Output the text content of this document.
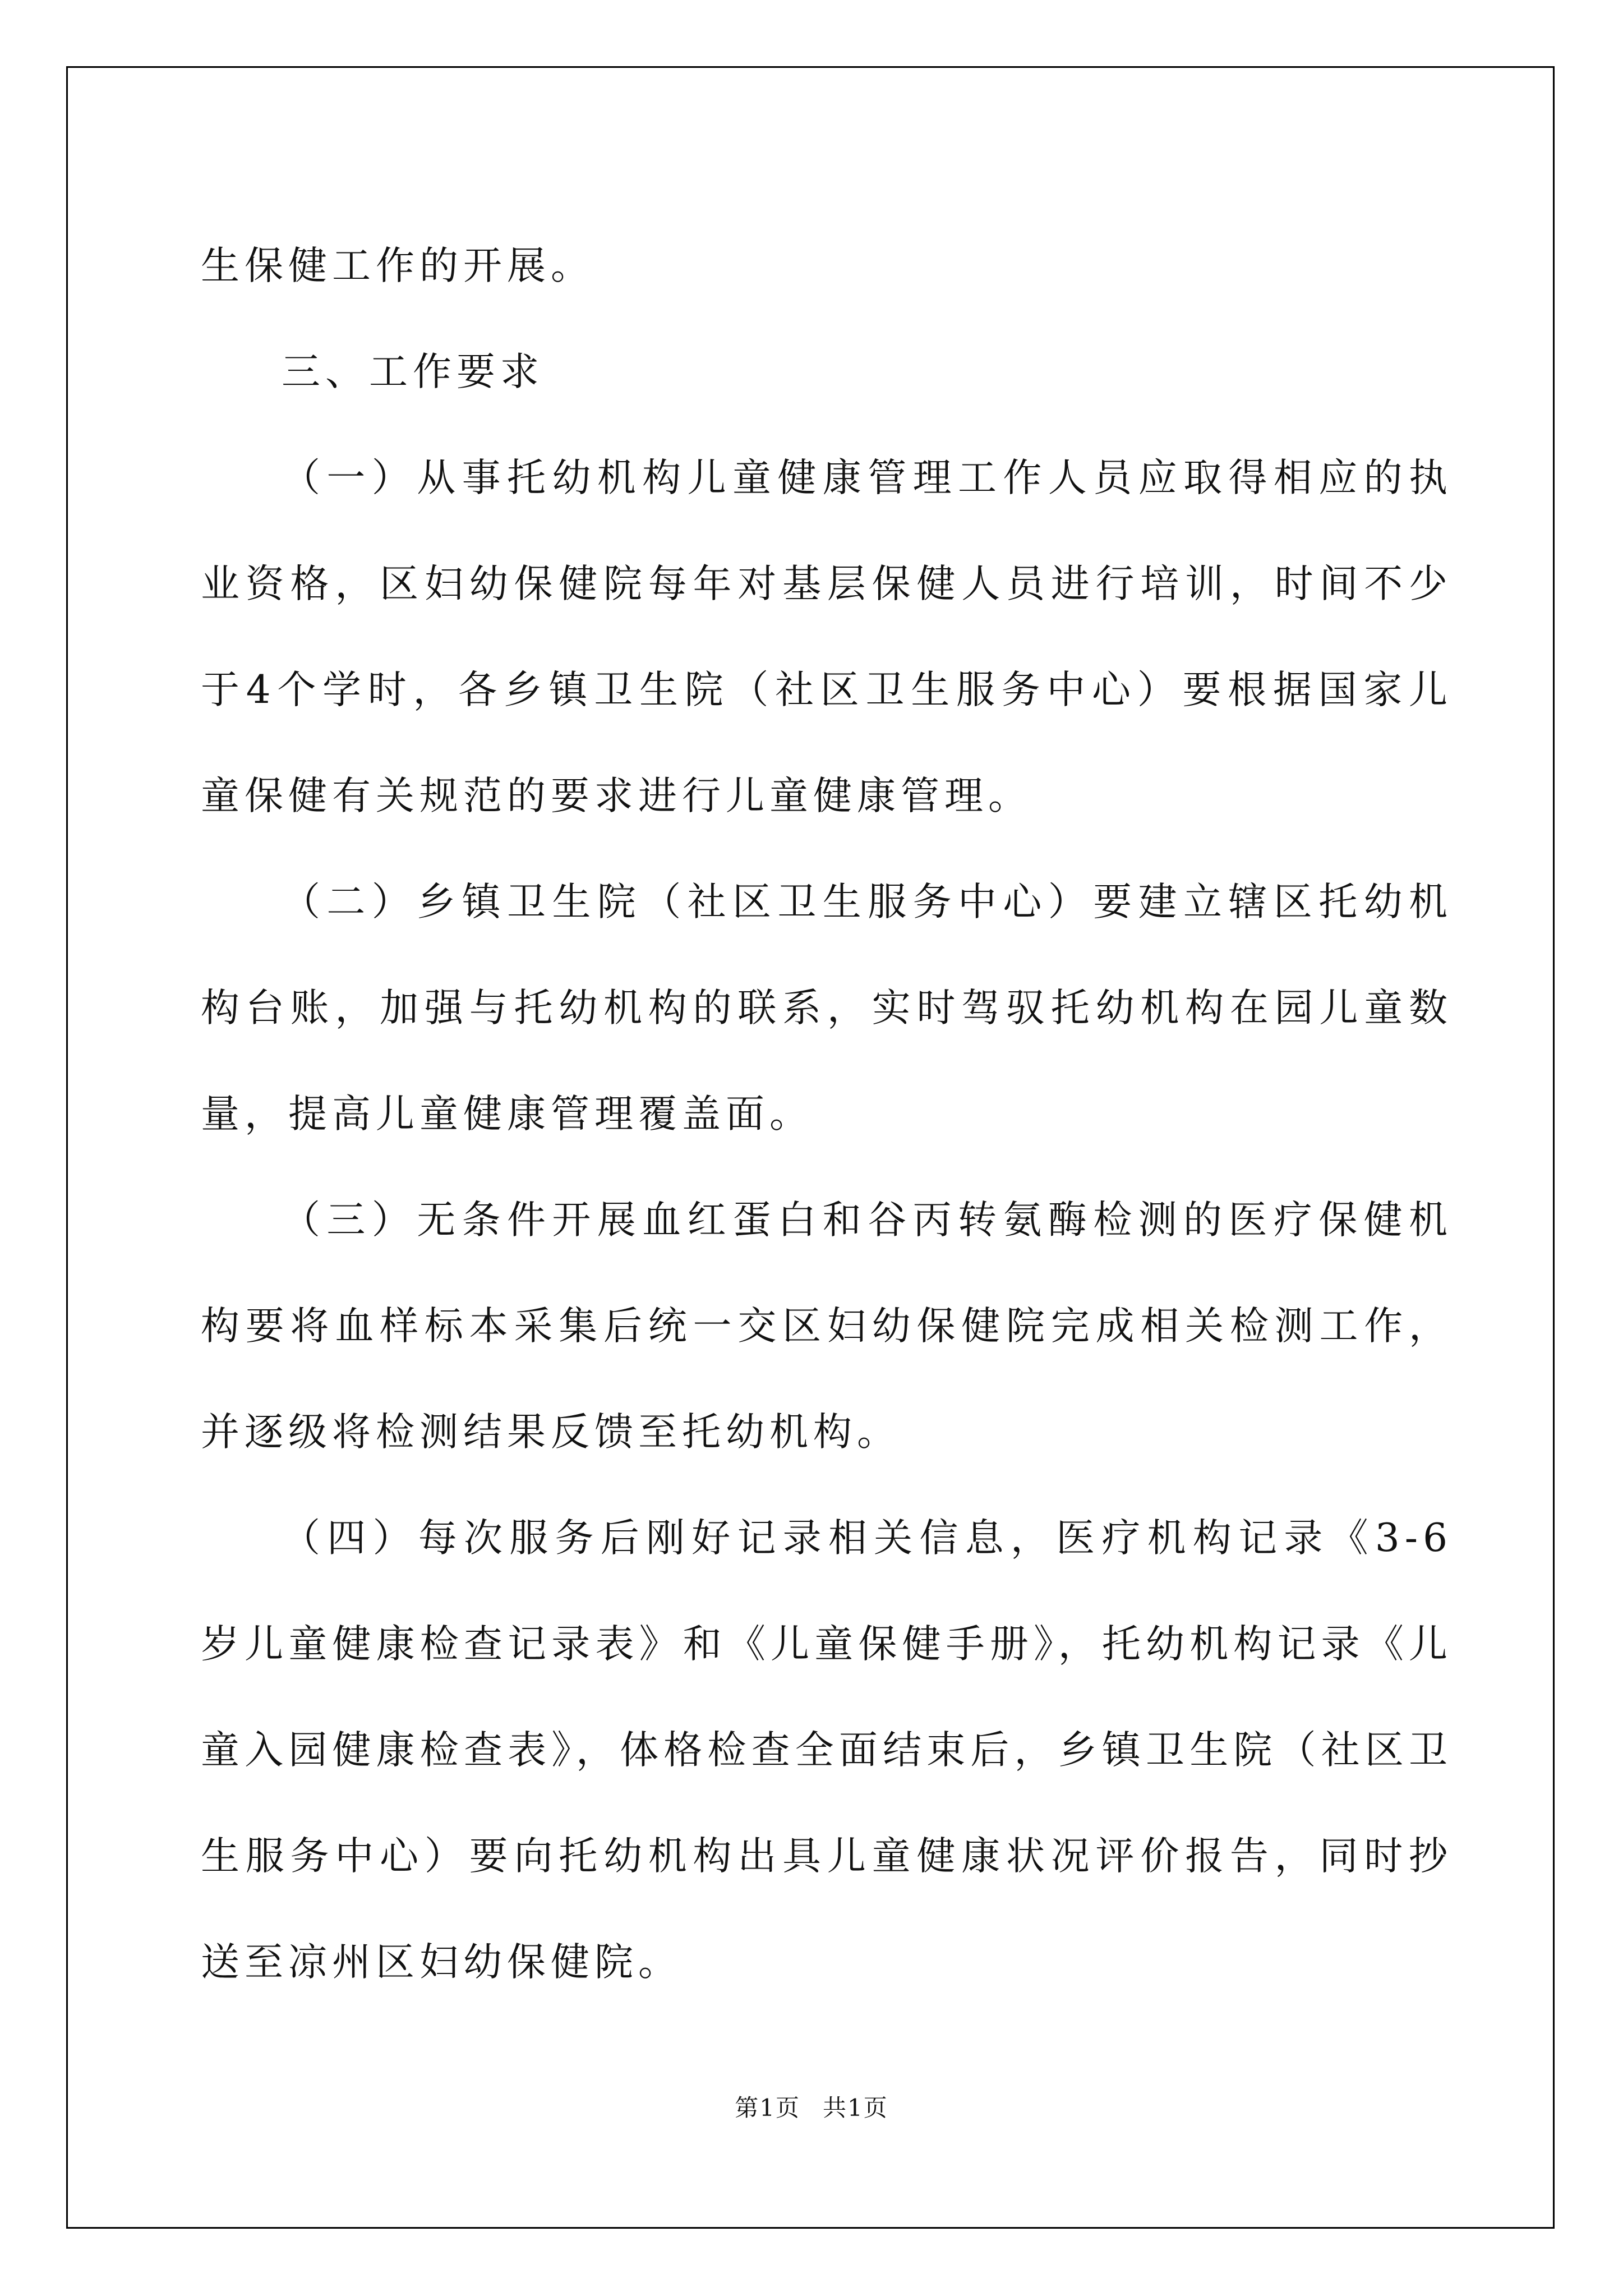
生保健工作的开展。

三、工作要求

（一）从事托幼机构儿童健康管理工作人员应取得相应的执业资格，区妇幼保健院每年对基层保健人员进行培训，时间不少于4个学时，各乡镇卫生院（社区卫生服务中心）要根据国家儿童保健有关规范的要求进行儿童健康管理。

（二）乡镇卫生院（社区卫生服务中心）要建立辖区托幼机构台账，加强与托幼机构的联系，实时驾驭托幼机构在园儿童数量，提高儿童健康管理覆盖面。

（三）无条件开展血红蛋白和谷丙转氨酶检测的医疗保健机构要将血样标本采集后统一交区妇幼保健院完成相关检测工作，并逐级将检测结果反馈至托幼机构。

（四）每次服务后刚好记录相关信息，医疗机构记录《3-6岁儿童健康检查记录表》和《儿童保健手册》，托幼机构记录《儿童入园健康检查表》，体格检查全面结束后，乡镇卫生院（社区卫生服务中心）要向托幼机构出具儿童健康状况评价报告，同时抄送至凉州区妇幼保健院。

第1页 共1页
